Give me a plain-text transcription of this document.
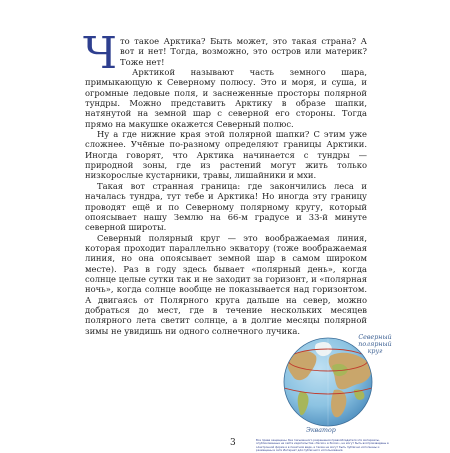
Что такое Арктика? Быть может, это такая страна? А вот и нет! Тогда, возможно, это остров или материк? Тоже нет!

Арктикой называют часть земного шара, примыкающую к Северному полюсу. Это и моря, и суша, и огромные ледовые поля, и заснеженные просторы полярной тундры. Можно представить Арктику в образе шапки, натянутой на земной шар с северной его стороны. Тогда прямо на макушке окажется Северный полюс.

Ну а где нижние края этой полярной шапки? С этим уже сложнее. Учёные по-разному определяют границы Арктики. Иногда говорят, что Арктика начинается с тундры — природной зоны, где из растений могут жить только низкорослые кустарники, травы, лишайники и мхи.

Такая вот странная граница: где закончились леса и началась тундра, тут тебе и Арктика! Но иногда эту границу проводят ещё и по Северному полярному кругу, который опоясывает нашу Землю на 66-м градусе и 33-й минуте северной широты.

Северный полярный круг — это воображаемая линия, которая проходит параллельно экватору (тоже воображаемая линия, но она опоясывает земной шар в самом широком месте). Раз в году здесь бывает «полярный день», когда солнце целые сутки так и не заходит за горизонт, и «полярная ночь», когда солнце вообще не показывается над горизонтом. А двигаясь от Полярного круга дальше на север, можно добраться до мест, где в течение нескольких месяцев полярного лета светит солнце, а в долгие месяцы полярной зимы не увидишь ни одного солнечного лучика.

Северный полярный круг
Экватор
3	Все права защищены. Без письменного разрешения правообладателя эти материалы, опубликованные на сайте издательства «Эксмо» в Эксмо», не могут быть воспроизведены в электронной форме и в печатном виде, а также не могут быть публично исполнены и размещены в сети Интернет для публичного использования.
